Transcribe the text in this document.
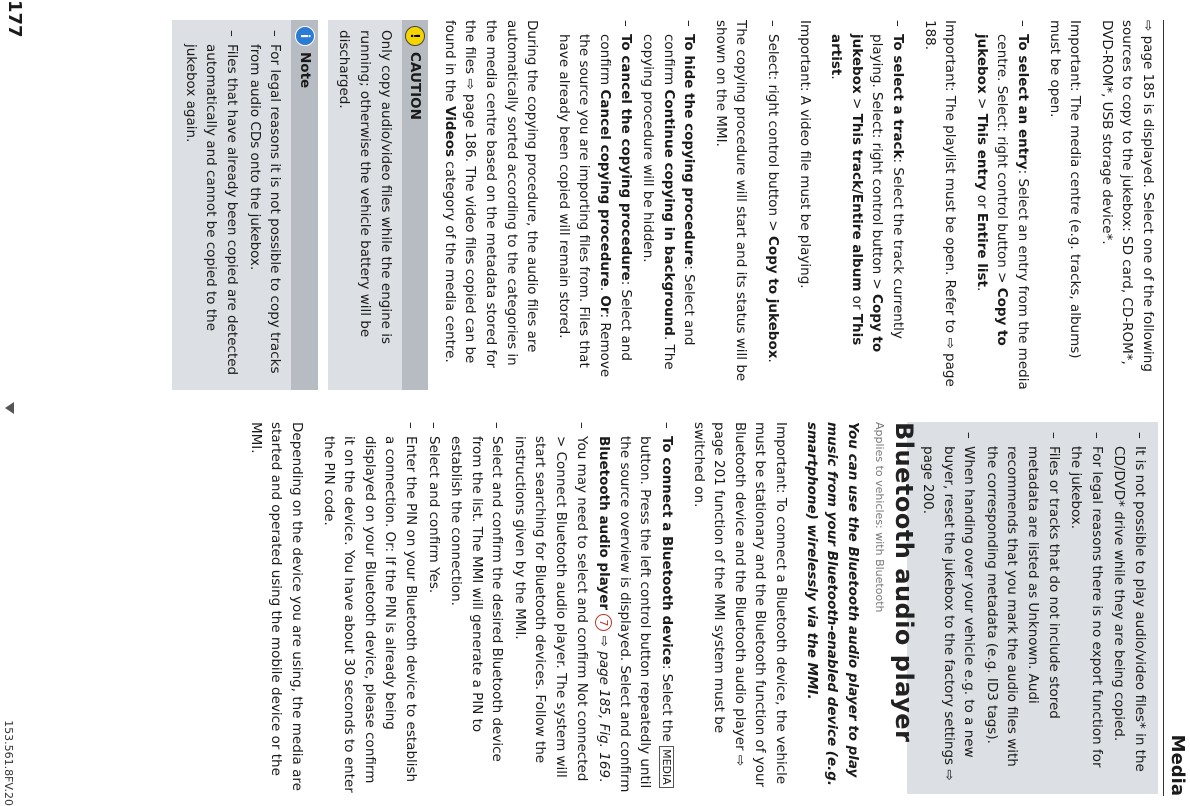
Media

⇨ page 185 is displayed. Select one of the following sources to copy to the jukebox: SD card, CD-ROM*, DVD-ROM*, USB storage device*.

Important: The media centre (e.g. tracks, albums) must be open.

– To select an entry: Select an entry from the media centre. Select: right control button > Copy to jukebox > This entry or Entire list.

Important: The playlist must be open. Refer to ⇨ page 188.

– To select a track: Select the track currently playing. Select: right control button > Copy to jukebox > This track/Entire album or This artist.

Important: A video file must be playing.

– Select: right control button > Copy to jukebox.

The copying procedure will start and its status will be shown on the MMI.

– To hide the copying procedure: Select and confirm Continue copying in background. The copying procedure will be hidden.
– To cancel the copying procedure: Select and confirm Cancel copying procedure. Or: Remove the source you are importing files from. Files that have already been copied will remain stored.

During the copying procedure, the audio files are automatically sorted according to the categories in the media centre based on the metadata stored for the files ⇨ page 186. The video files copied can be found in the Videos category of the media centre.

!
CAUTION
Only copy audio/video files while the engine is running; otherwise the vehicle battery will be discharged.
i
Note
– For legal reasons it is not possible to copy tracks from audio CDs onto the jukebox.
– Files that have already been copied are detected automatically and cannot be copied to the jukebox again.
– It is not possible to play audio/video files* in the CD/DVD* drive while they are being copied.
– For legal reasons there is no export function for the jukebox.
– Files or tracks that do not include stored metadata are listed as Unknown. Audi recommends that you mark the audio files with the corresponding metadata (e.g. ID3 tags).
– When handing over your vehicle e.g. to a new buyer, reset the jukebox to the factory settings ⇨ page 200.
Bluetooth audio player
Applies to vehicles: with Bluetooth
You can use the Bluetooth audio player to play music from your Bluetooth-enabled device (e.g. smartphone) wirelessly via the MMI.

Important: To connect a Bluetooth device, the vehicle must be stationary and the Bluetooth function of your Bluetooth device and the Bluetooth audio player ⇨ page 201 function of the MMI system must be switched on.

– To connect a Bluetooth device: Select the MEDIA button. Press the left control button repeatedly until the source overview is displayed. Select and confirm Bluetooth audio player 7 ⇨ page 185, Fig. 169.
– You may need to select and confirm Not connected > Connect Bluetooth audio player. The system will start searching for Bluetooth devices. Follow the instructions given by the MMI.
– Select and confirm the desired Bluetooth device from the list. The MMI will generate a PIN to establish the connection.
– Select and confirm Yes.
– Enter the PIN on your Bluetooth device to establish a connection. Or: If the PIN is already being displayed on your Bluetooth device, please confirm it on the device. You have about 30 seconds to enter the PIN code.

Depending on the device you are using, the media are started and operated using the mobile device or the MMI.

177
153.561.8FV.20
